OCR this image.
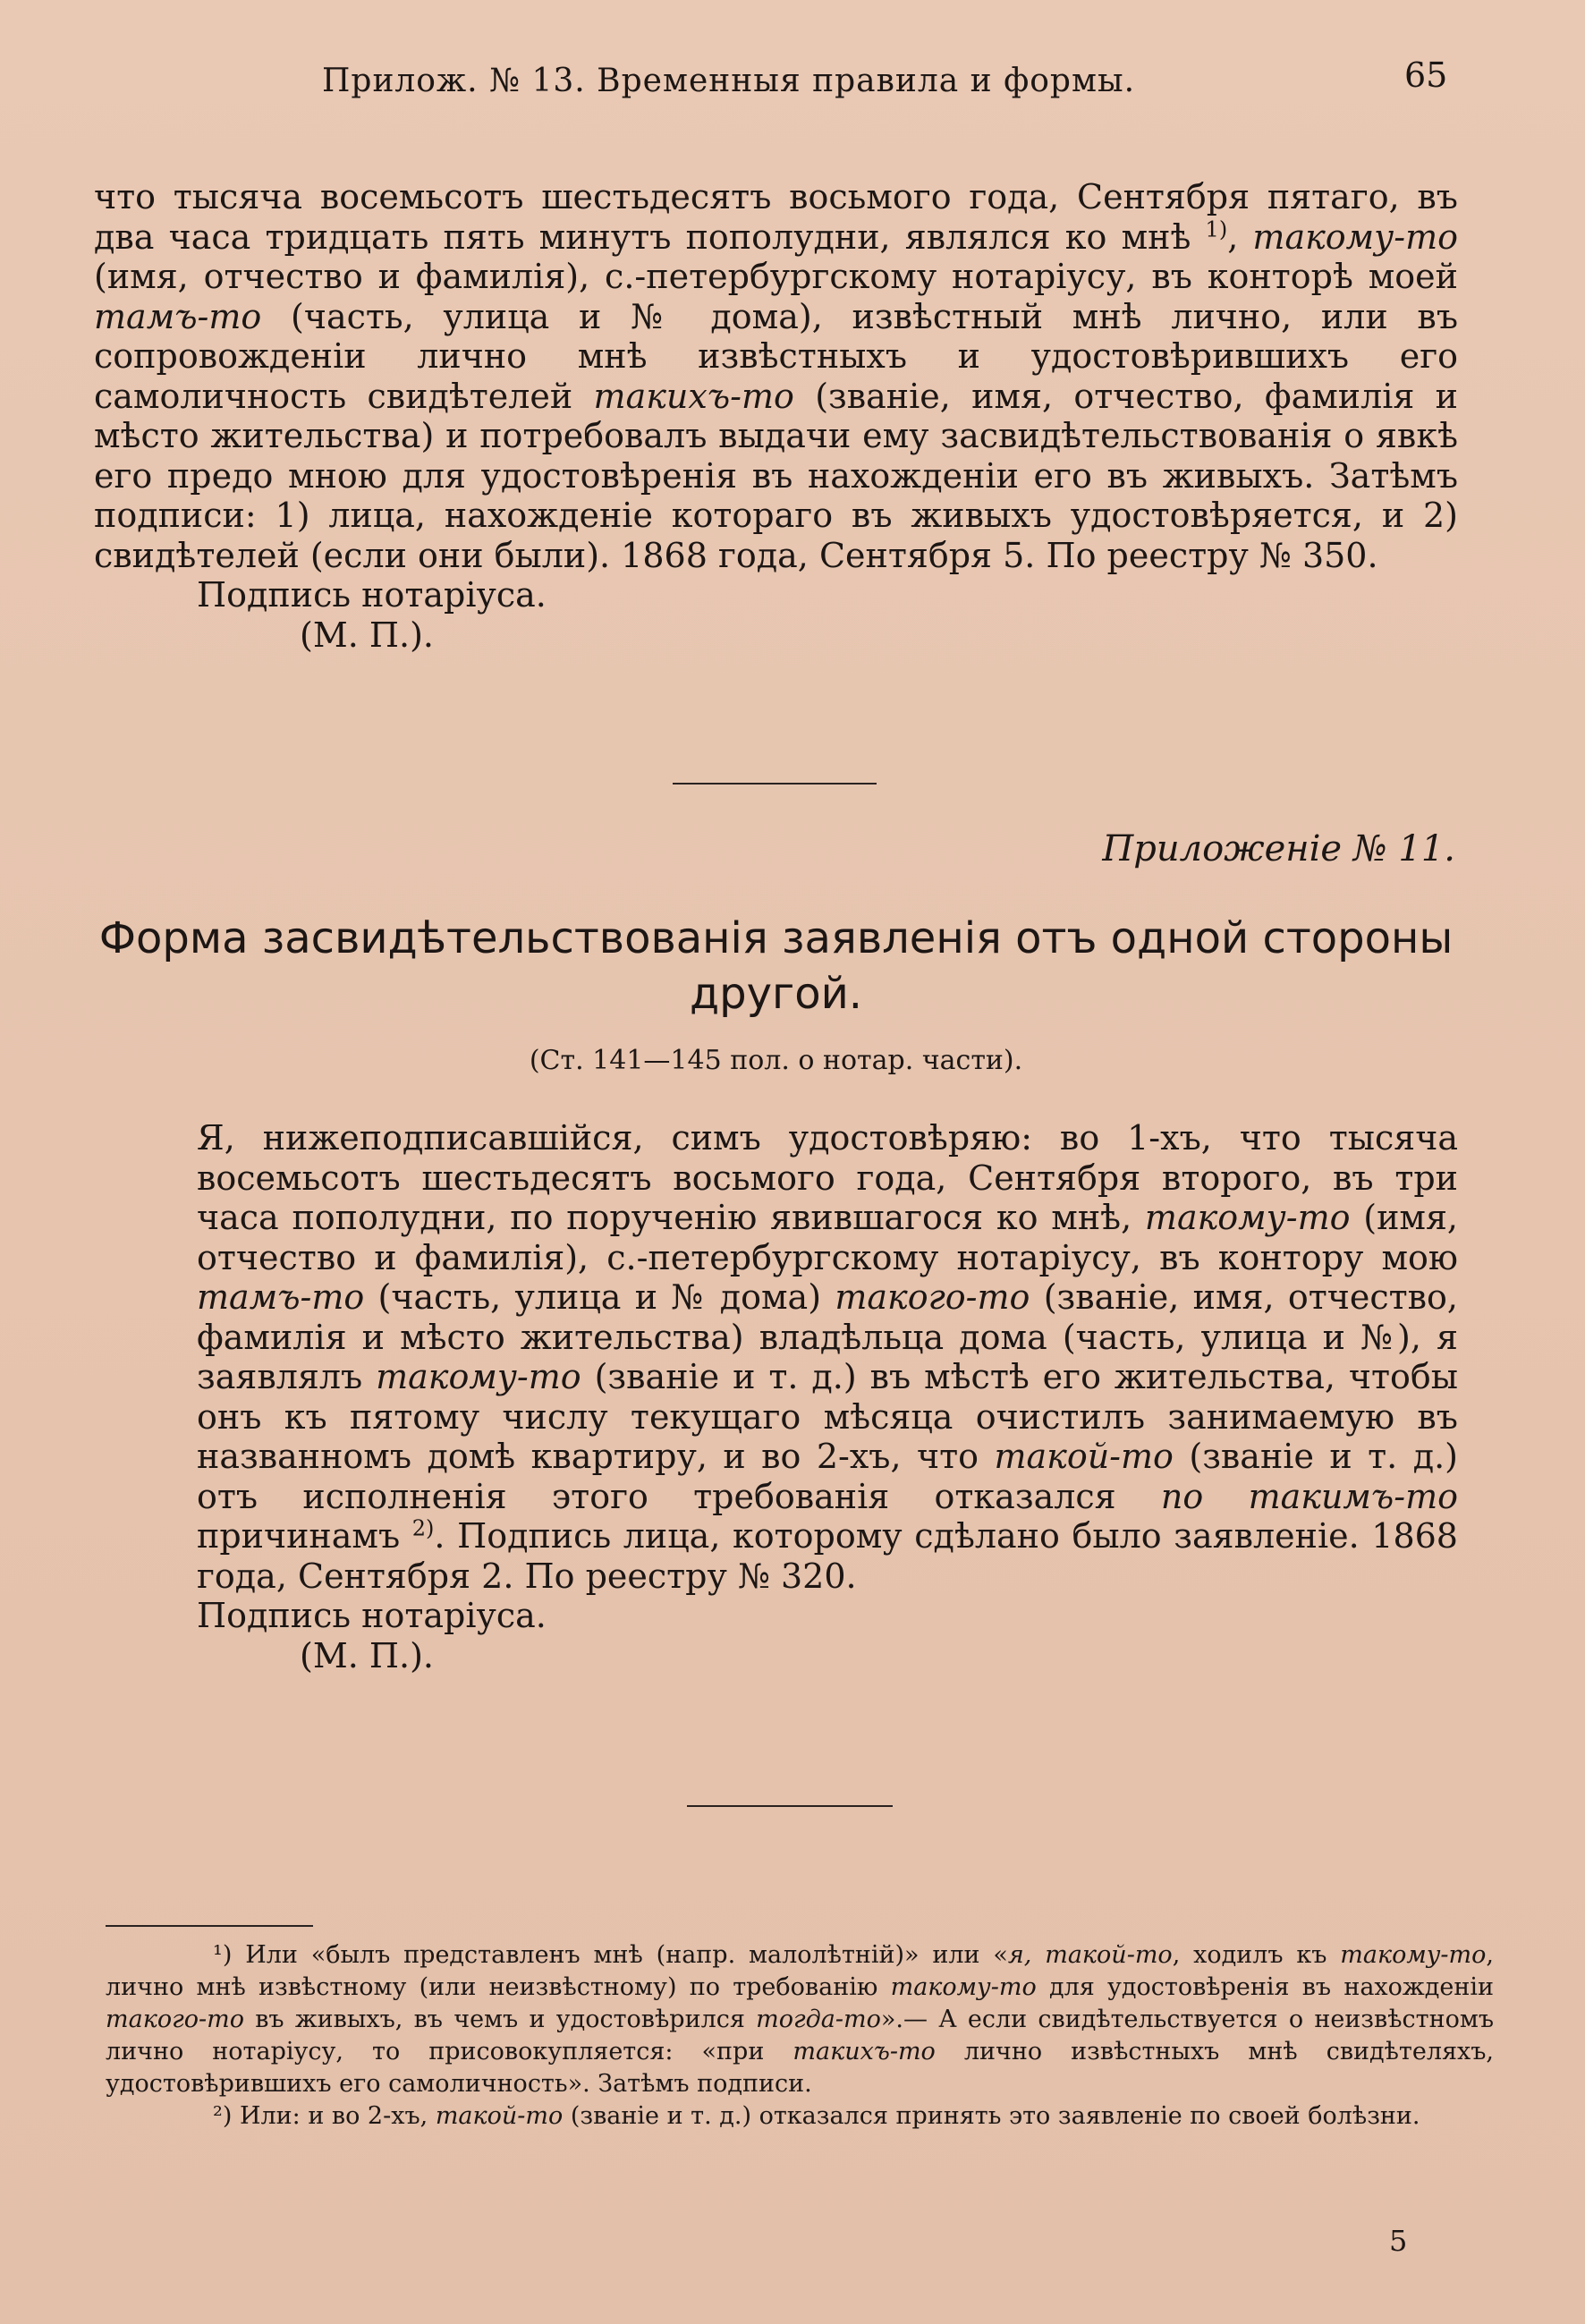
Прилож. № 13. Временныя правила и формы.	65

что тысяча восемьсотъ шестьдесятъ восьмого года, Сентября пятаго, въ два часа тридцать пять минутъ пополудни, являлся ко мнѣ $^{1)}$, такому-то (имя, отчество и фамилія), с.-петербургскому нотаріусу, въ конторѣ моей тамъ-то (часть, улица и № дома), извѣстный мнѣ лично, или въ сопровожденіи лично мнѣ извѣстныхъ и удостовѣрившихъ его самоличность свидѣтелей такихъ-то (званіе, имя, отчество, фамилія и мѣсто жительства) и потребовалъ выдачи ему засвидѣтельствованія о явкѣ его предо мною для удостовѣренія въ нахожденіи его въ живыхъ. Затѣмъ подписи: 1) лица, нахожденіе котораго въ живыхъ удостовѣряется, и 2) свидѣтелей (если они были). 1868 года, Сентября 5. По реестру № 350.

Подпись нотаріуса.

(М. П.).

Приложеніе № 11.
Форма засвидѣтельствованія заявленія отъ одной стороны другой.
(Ст. 141—145 пол. о нотар. части).

Я, нижеподписавшійся, симъ удостовѣряю: во 1-хъ, что тысяча восемьсотъ шестьдесятъ восьмого года, Сентября второго, въ три часа пополудни, по порученію явившагося ко мнѣ, такому-то (имя, отчество и фамилія), с.-петербургскому нотаріусу, въ контору мою тамъ-то (часть, улица и № дома) такого-то (званіе, имя, отчество, фамилія и мѣсто жительства) владѣльца дома (часть, улица и №), я заявлялъ такому-то (званіе и т. д.) въ мѣстѣ его жительства, чтобы онъ къ пятому числу текущаго мѣсяца очистилъ занимаемую въ названномъ домѣ квартиру, и во 2-хъ, что такой-то (званіе и т. д.) отъ исполненія этого требованія отказался по такимъ-то причинамъ $^{2)}$. Подпись лица, которому сдѣлано было заявленіе. 1868 года, Сентября 2. По реестру № 320.

Подпись нотаріуса.

(М. П.).

¹) Или «былъ представленъ мнѣ (напр. малолѣтній)» или «я, такой-то, ходилъ къ такому-то, лично мнѣ извѣстному (или неизвѣстному) по требованію такому-то для удостовѣренія въ нахожденіи такого-то въ живыхъ, въ чемъ и удостовѣрился тогда-то».— А если свидѣтельствуется о неизвѣстномъ лично нотаріусу, то присовокупляется: «при такихъ-то лично извѣстныхъ мнѣ свидѣтеляхъ, удостовѣрившихъ его самоличность». Затѣмъ подписи.

²) Или: и во 2-хъ, такой-то (званіе и т. д.) отказался принять это заявленіе по своей болѣзни.

5
